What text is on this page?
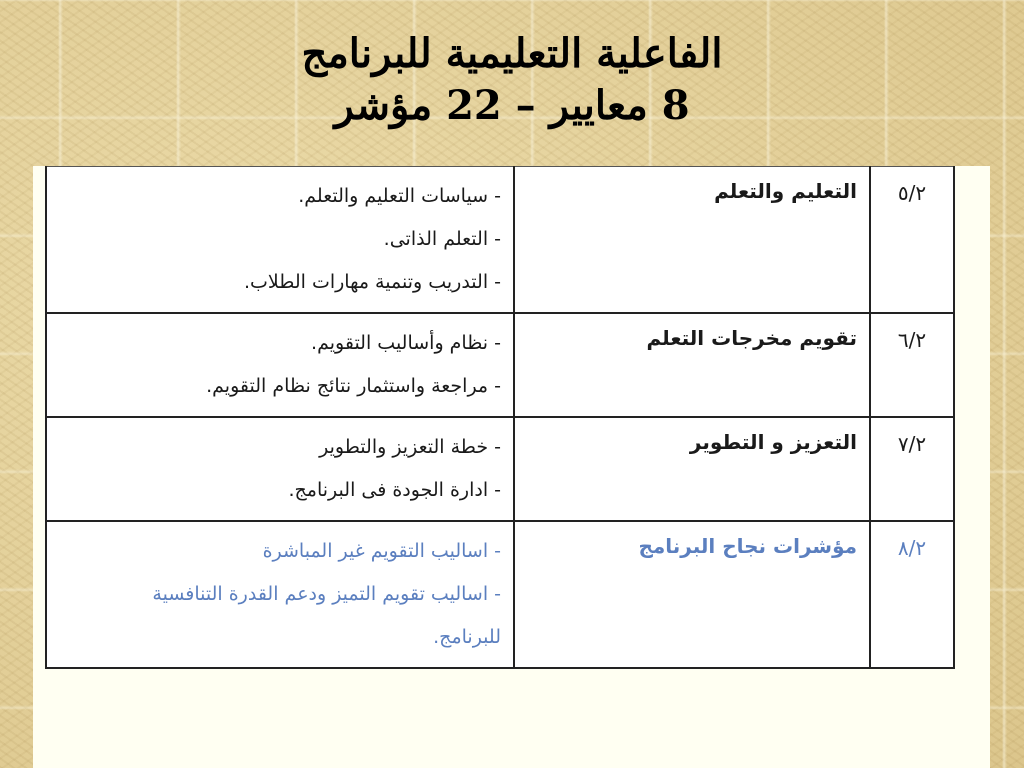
الفاعلية التعليمية للبرنامج
8 معايير – 22 مؤشر
٥/٢	التعليم والتعلم	- سياسات التعليم والتعلم.
- التعلم الذاتى.
- التدريب وتنمية مهارات الطلاب.

٦/٢	تقويم مخرجات التعلم	- نظام وأساليب التقويم.
- مراجعة واستثمار نتائج نظام التقويم.

٧/٢	التعزيز و التطوير	- خطة التعزيز والتطوير
- ادارة الجودة فى البرنامج.

٨/٢	مؤشرات نجاح البرنامج	- اساليب التقويم غير المباشرة
- اساليب تقويم التميز ودعم القدرة التنافسية
للبرنامج.
